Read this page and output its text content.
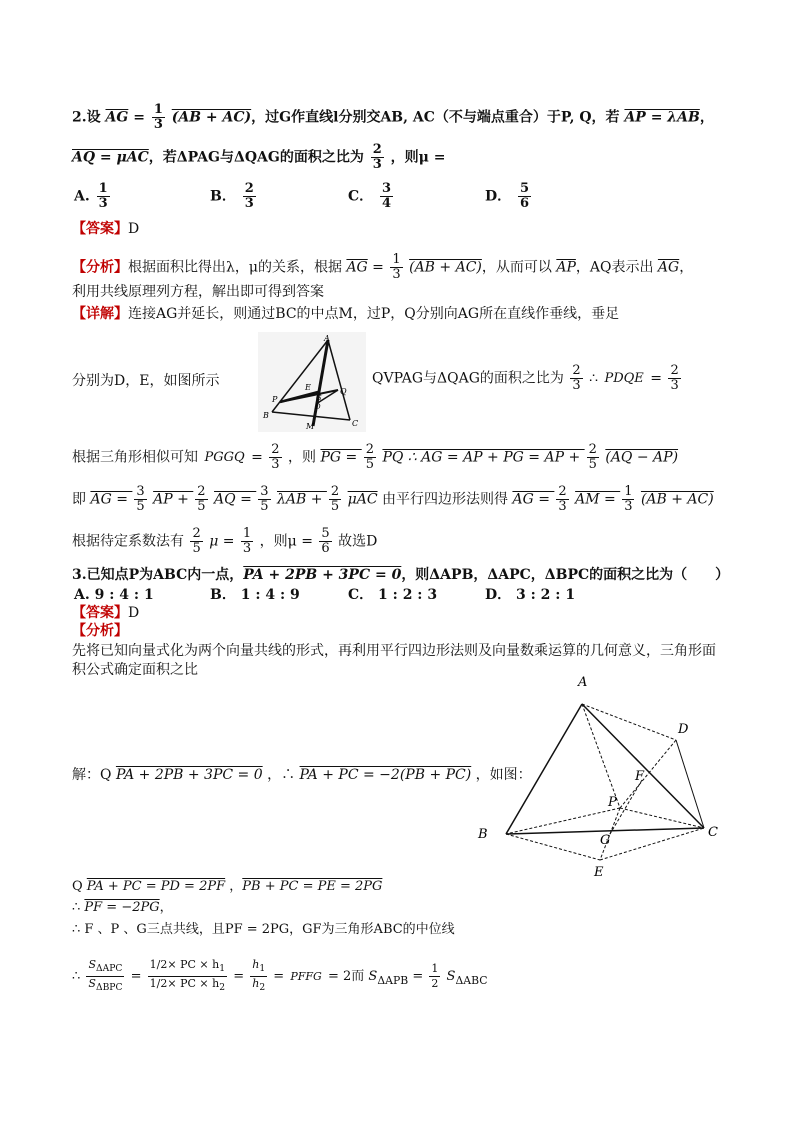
2.设 $\overline{AG} = \frac{1}{3} (AB + AC)$，过G作直线l分别交AB, AC（不与端点重合）于P, Q，若 AP = λAB，
AQ = μAC，若ΔPAG与ΔQAG的面积之比为 $\frac{2}{3}$ ，则μ =
A. $\frac{1}{3}$	B． $\frac{2}{3}$	C． $\frac{3}{4}$	D． $\frac{5}{6}$
【答案】D
【分析】根据面积比得出λ，μ的关系，根据 $\overline{AG} = \frac{1}{3} (AB + AC)$，从而可以 $\overline{AP}$，AQ表示出 $\overline{AG}$，
利用共线原理列方程，解出即可得到答案
【详解】连接AG并延长，则通过BC的中点M，过P，Q分别向AG所在直线作垂线，垂足
A
E
P
Q
G
D
B
M	C
分别为D，E，如图所示	QVPAG与ΔQAG的面积之比为 $\frac{2}{3}$ ∴ PDQE = $\frac{2}{3}$
根据三角形相似可知 PGGQ = $\frac{2}{3}$ ，则 PG = $\frac{2}{5}$ PQ ∴ AG = AP + PG = AP + $\frac{2}{5} (AQ - AP)$
即 AG = $\frac{3}{5}$ AP + $\frac{2}{5}$ AQ = $\frac{3}{5}$ $\lambda AB + \frac{2}{5} \overline{\mu AC}$ 由平行四边形法则得 AG = $\frac{2}{3}$ AM = $\frac{1}{3} (AB + AC)$
根据待定系数法有 $\frac{2}{5}$ $\mu = \frac{1}{3}$ ，则$\mu = \frac{5}{6}$ 故选D
3.已知点P为ABC内一点，PA + 2PB + 3PC = 0，则ΔAPB，ΔAPC，ΔBPC的面积之比为（　　）
A. 9 : 4 : 1	B． 1 : 4 : 9	C． 1 : 2 : 3	D． 3 : 2 : 1
【答案】D
【分析】
先将已知向量式化为两个向量共线的形式，再利用平行四边形法则及向量数乘运算的几何意义，三角形面
积公式确定面积之比
A
D
F
P
B	G
C
E
解：Q PA + 2PB + 3PC = 0 ，∴ PA + PC = −2(PB + PC) ，如图：
Q PA + PC = PD = 2PF ，PB + PC = PE = 2PG
∴ PF = −2PG，
∴ F 、P 、G三点共线，且PF = 2PG，GF为三角形ABC的中位线
∴ $\frac{S_{\Delta APC}}{S_{\Delta BPC}} = \frac{1/2\times PC \times h_1}{1/2\times PC \times h_2} = \frac{h_1}{h_2}$ = PFFG = 2而 $S_{\Delta APB} = \frac{1}{2} S_{\Delta ABC}$
